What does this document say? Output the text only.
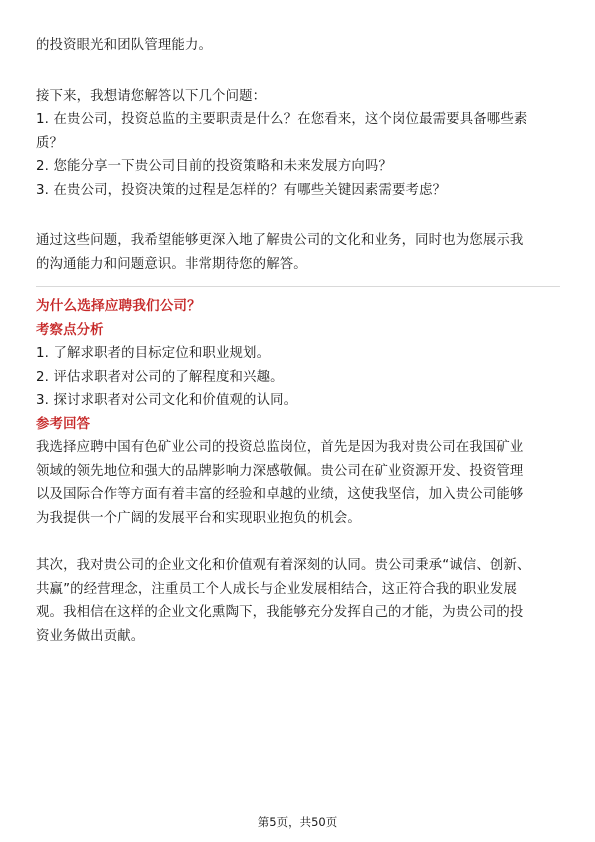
的投资眼光和团队管理能力。

接下来，我想请您解答以下几个问题：

1. 在贵公司，投资总监的主要职责是什么？在您看来，这个岗位最需要具备哪些素

质？

2. 您能分享一下贵公司目前的投资策略和未来发展方向吗？

3. 在贵公司，投资决策的过程是怎样的？有哪些关键因素需要考虑？

通过这些问题，我希望能够更深入地了解贵公司的文化和业务，同时也为您展示我

的沟通能力和问题意识。非常期待您的解答。

为什么选择应聘我们公司？

考察点分析

1. 了解求职者的目标定位和职业规划。

2. 评估求职者对公司的了解程度和兴趣。

3. 探讨求职者对公司文化和价值观的认同。

参考回答

我选择应聘中国有色矿业公司的投资总监岗位，首先是因为我对贵公司在我国矿业

领域的领先地位和强大的品牌影响力深感敬佩。贵公司在矿业资源开发、投资管理

以及国际合作等方面有着丰富的经验和卓越的业绩，这使我坚信，加入贵公司能够

为我提供一个广阔的发展平台和实现职业抱负的机会。

其次，我对贵公司的企业文化和价值观有着深刻的认同。贵公司秉承“诚信、创新、

共赢”的经营理念，注重员工个人成长与企业发展相结合，这正符合我的职业发展

观。我相信在这样的企业文化熏陶下，我能够充分发挥自己的才能，为贵公司的投

资业务做出贡献。

第5页，共50页
